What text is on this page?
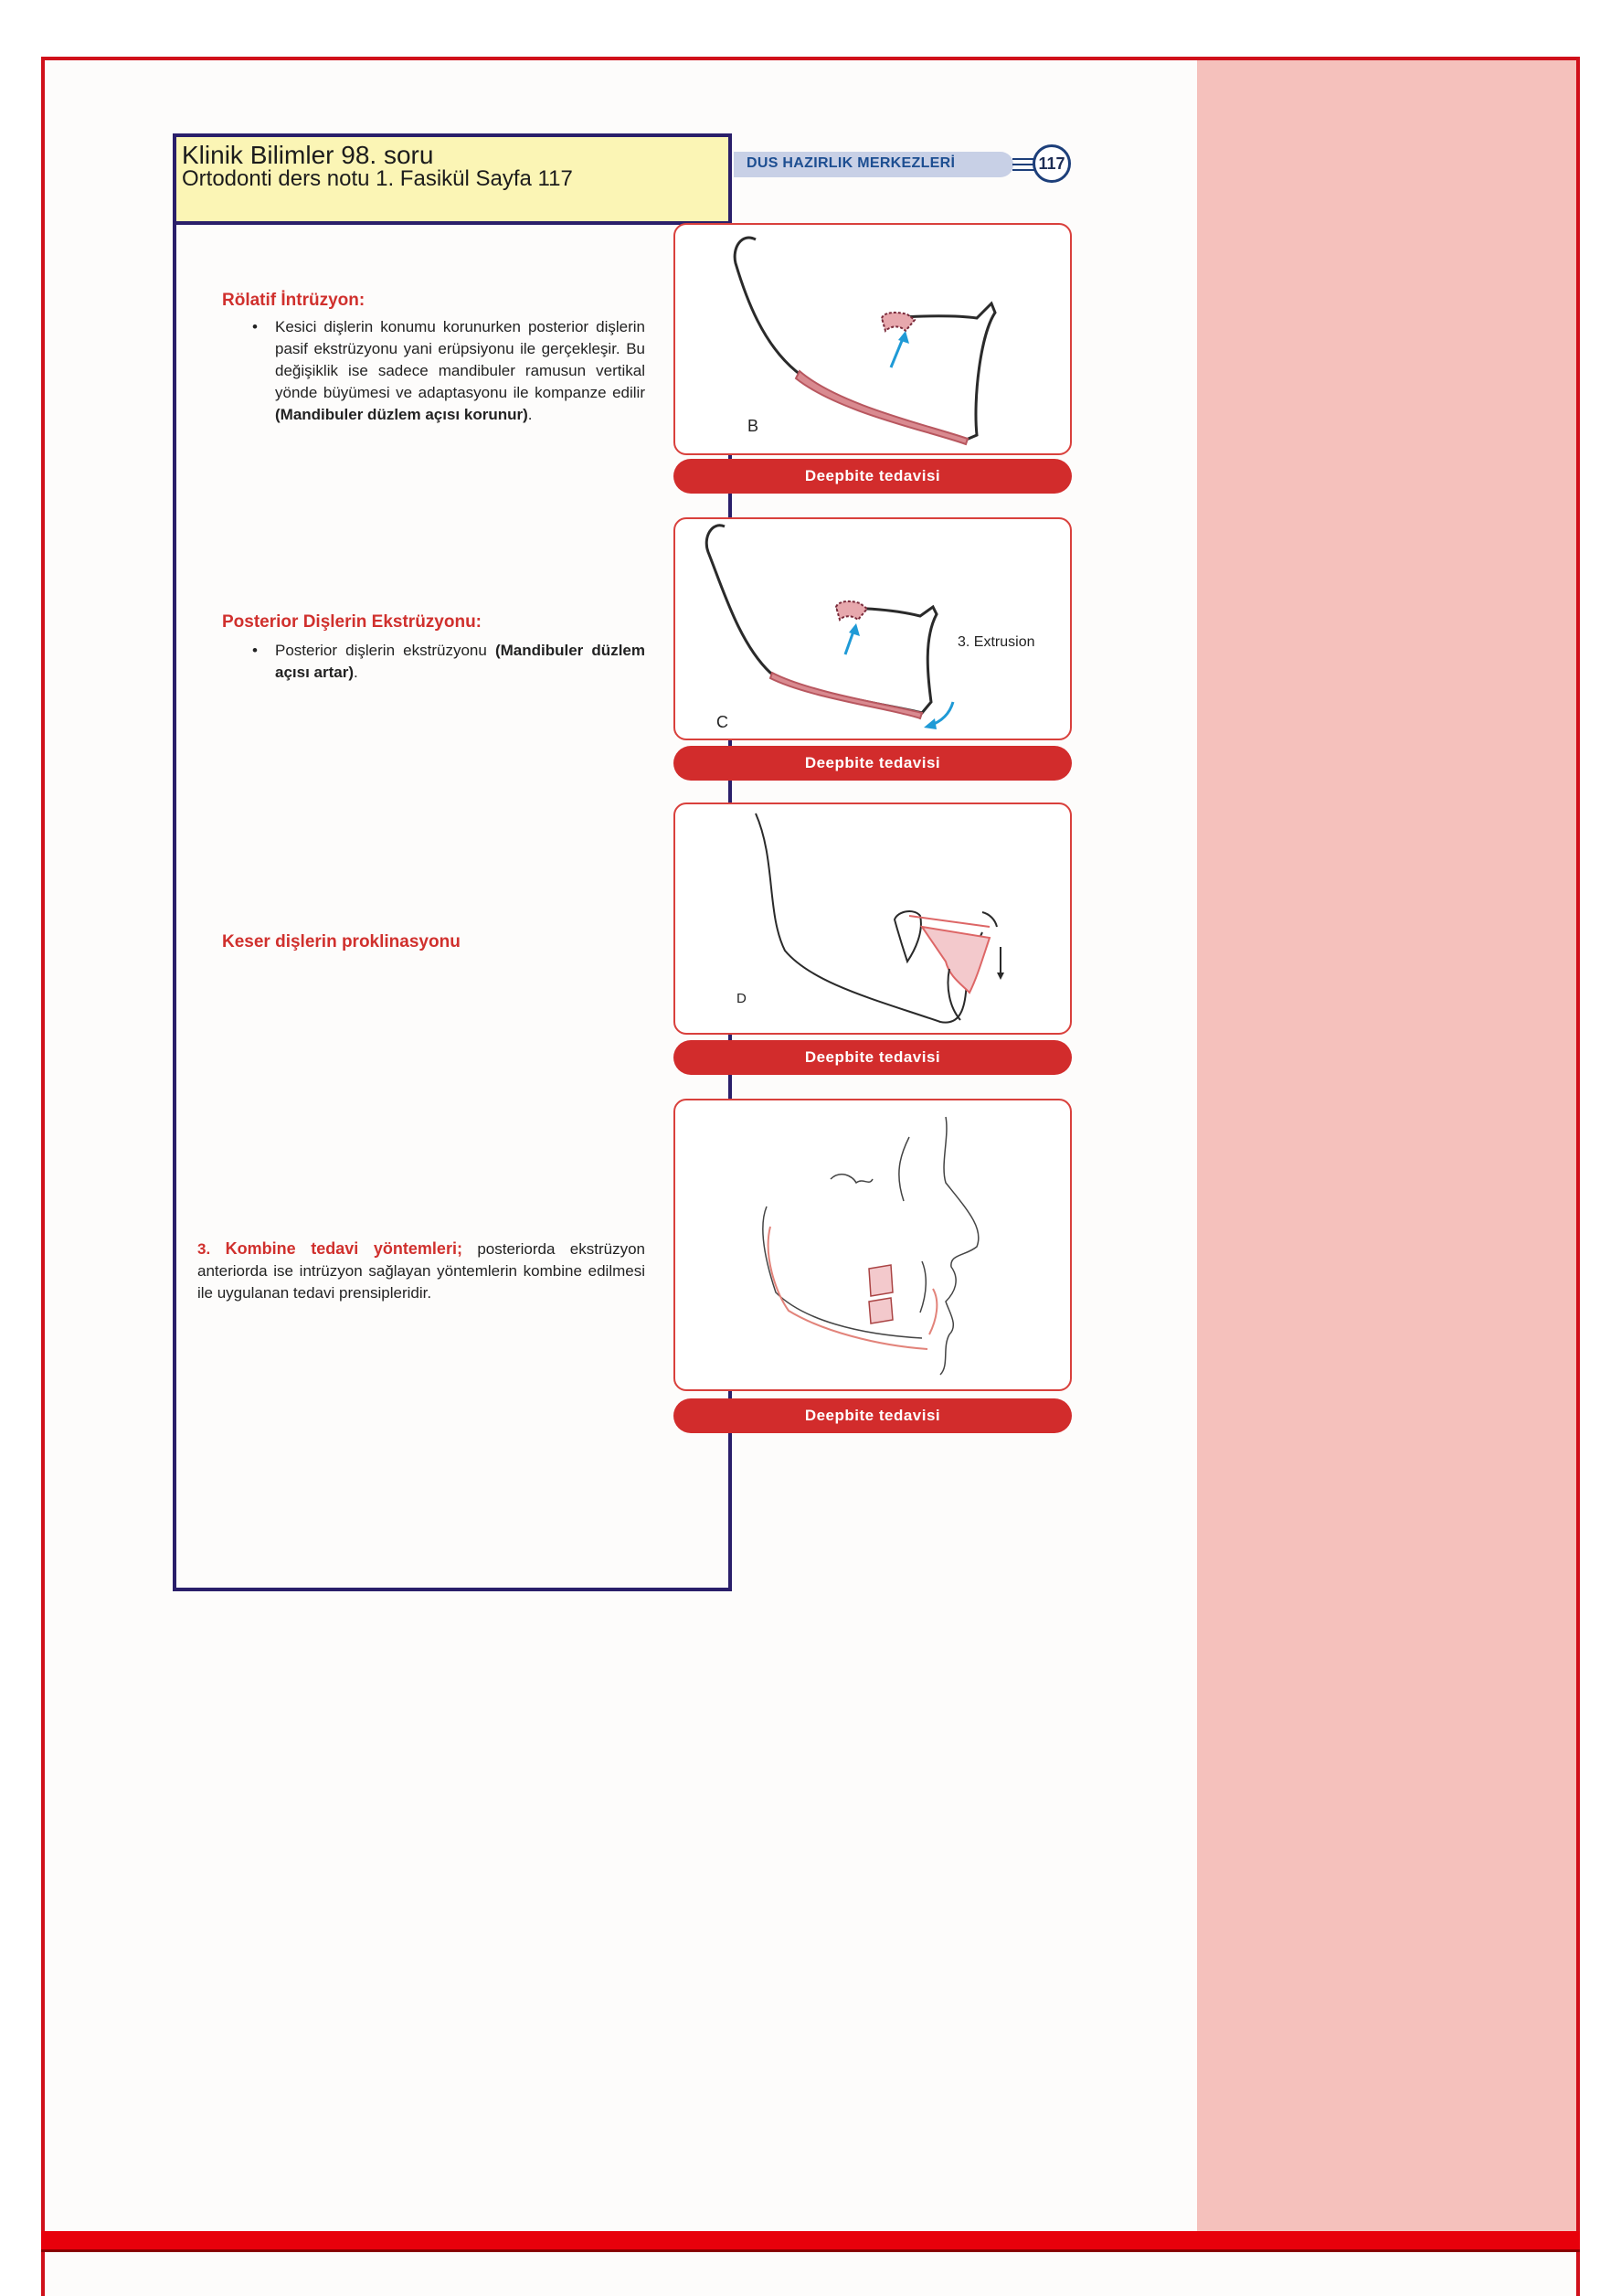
DUS HAZIRLIK MERKEZLERİ	117
Klinik Bilimler 98. soru
Ortodonti ders notu 1. Fasikül Sayfa 117
Rölatif İntrüzyon:
• Kesici dişlerin konumu korunurken posterior dişlerin pasif ekstrüzyonu yani erüpsiyonu ile gerçekleşir. Bu değişiklik ise sadece mandibuler ramusun vertikal yönde büyümesi ve adaptasyonu ile kompanze edilir (Mandibuler düzlem açısı korunur).
Posterior Dişlerin Ekstrüzyonu:
• Posterior dişlerin ekstrüzyonu (Mandibuler düzlem açısı artar).
Keser dişlerin proklinasyonu
3. Kombine tedavi yöntemleri; posteriorda ekstrüzyon anteriorda ise intrüzyon sağlayan yöntemlerin kombine edilmesi ile uygulanan tedavi prensipleridir.
B
Deepbite tedavisi
3. Extrusion
C
Deepbite tedavisi
D
Deepbite tedavisi
Deepbite tedavisi
